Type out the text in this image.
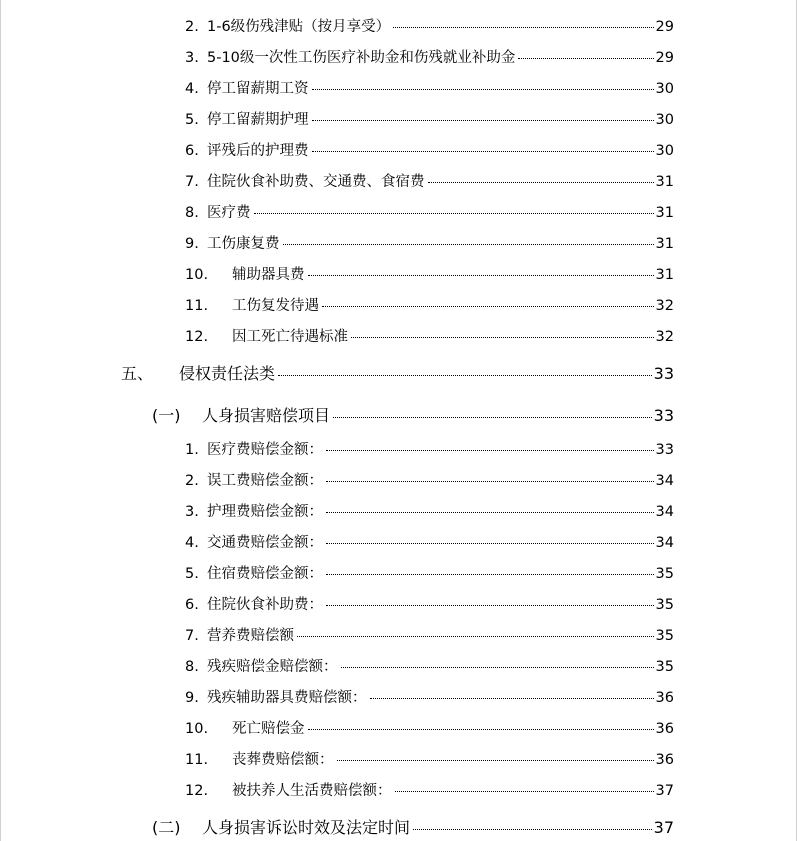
2. 1-6级伤残津贴（按月享受）	29
3. 5-10级一次性工伤医疗补助金和伤残就业补助金	29
4. 停工留薪期工资	30
5. 停工留薪期护理	30
6. 评残后的护理费	30
7. 住院伙食补助费、交通费、食宿费	31
8. 医疗费	31
9. 工伤康复费	31
10.	辅助器具费	31
11.	工伤复发待遇	32
12.	因工死亡待遇标准	32
五、	侵权责任法类	33
(一)	人身损害赔偿项目	33
1. 医疗费赔偿金额：	33
2. 误工费赔偿金额：	34
3. 护理费赔偿金额：	34
4. 交通费赔偿金额：	34
5. 住宿费赔偿金额：	35
6. 住院伙食补助费：	35
7. 营养费赔偿额	35
8. 残疾赔偿金赔偿额：	35
9. 残疾辅助器具费赔偿额：	36
10.	死亡赔偿金	36
11.	丧葬费赔偿额：	36
12.	被扶养人生活费赔偿额：	37
(二)	人身损害诉讼时效及法定时间	37
